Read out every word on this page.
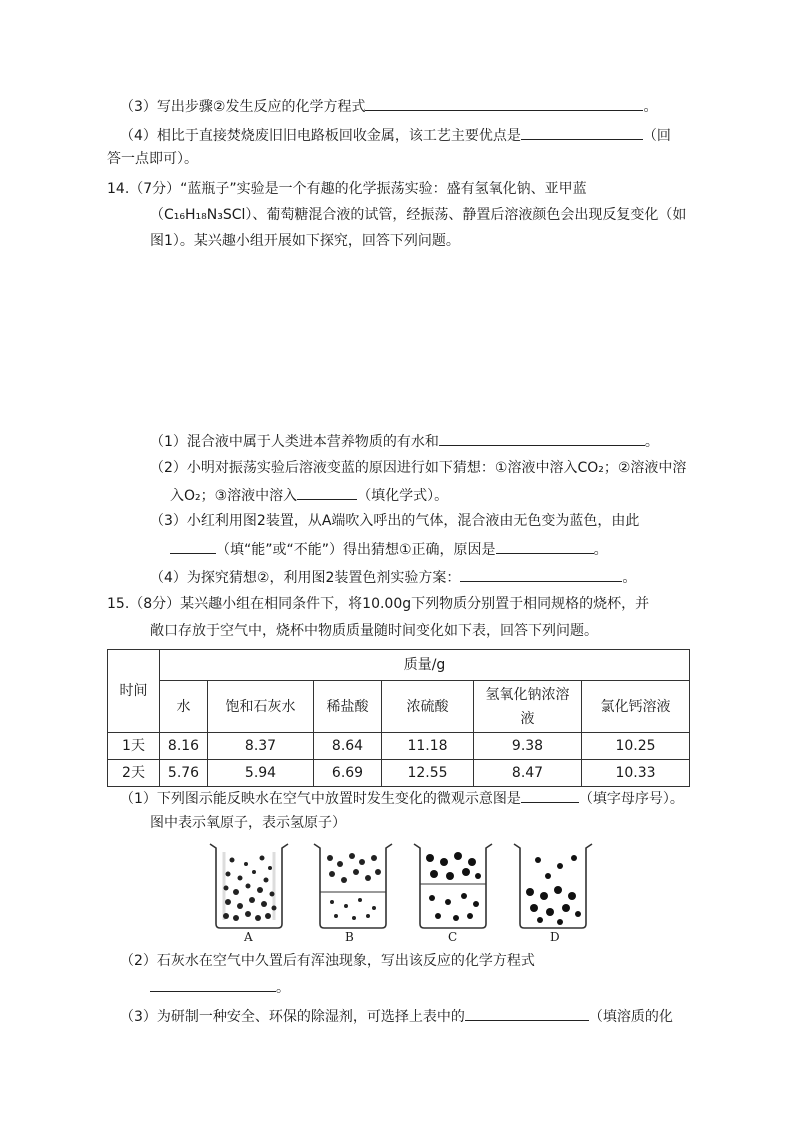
（3）写出步骤②发生反应的化学方程式	。
（4）相比于直接焚烧废旧旧电路板回收金属，该工艺主要优点是	（回
答一点即可）。
14.（7分）“蓝瓶子”实验是一个有趣的化学振荡实验：盛有氢氧化钠、亚甲蓝
（C₁₆H₁₈N₃SCl）、葡萄糖混合液的试管，经振荡、静置后溶液颜色会出现反复变化（如
图1）。某兴趣小组开展如下探究，回答下列问题。
（1）混合液中属于人类进本营养物质的有水和	。
（2）小明对振荡实验后溶液变蓝的原因进行如下猜想：①溶液中溶入CO₂；②溶液中溶
入O₂；③溶液中溶入	（填化学式）。
（3）小红利用图2装置，从A端吹入呼出的气体，混合液由无色变为蓝色，由此
（填“能”或“不能”）得出猜想①正确，原因是	。
（4）为探究猜想②，利用图2装置色剂实验方案：	。
15.（8分）某兴趣小组在相同条件下，将10.00g下列物质分别置于相同规格的烧杯，并
敞口存放于空气中，烧杯中物质质量随时间变化如下表，回答下列问题。
时间	质量/g					
	水	饱和石灰水	稀盐酸	浓硫酸	氢氧化钠浓溶
液	氯化钙溶液
1天	8.16	8.37	8.64	11.18	9.38	10.25
2天	5.76	5.94	6.69	12.55	8.47	10.33
（1）下列图示能反映水在空气中放置时发生变化的微观示意图是	（填字母序号）。
图中表示氧原子，表示氢原子）
A	B	C	D
（2）石灰水在空气中久置后有浑浊现象，写出该反应的化学方程式
。
（3）为研制一种安全、环保的除湿剂，可选择上表中的	（填溶质的化
